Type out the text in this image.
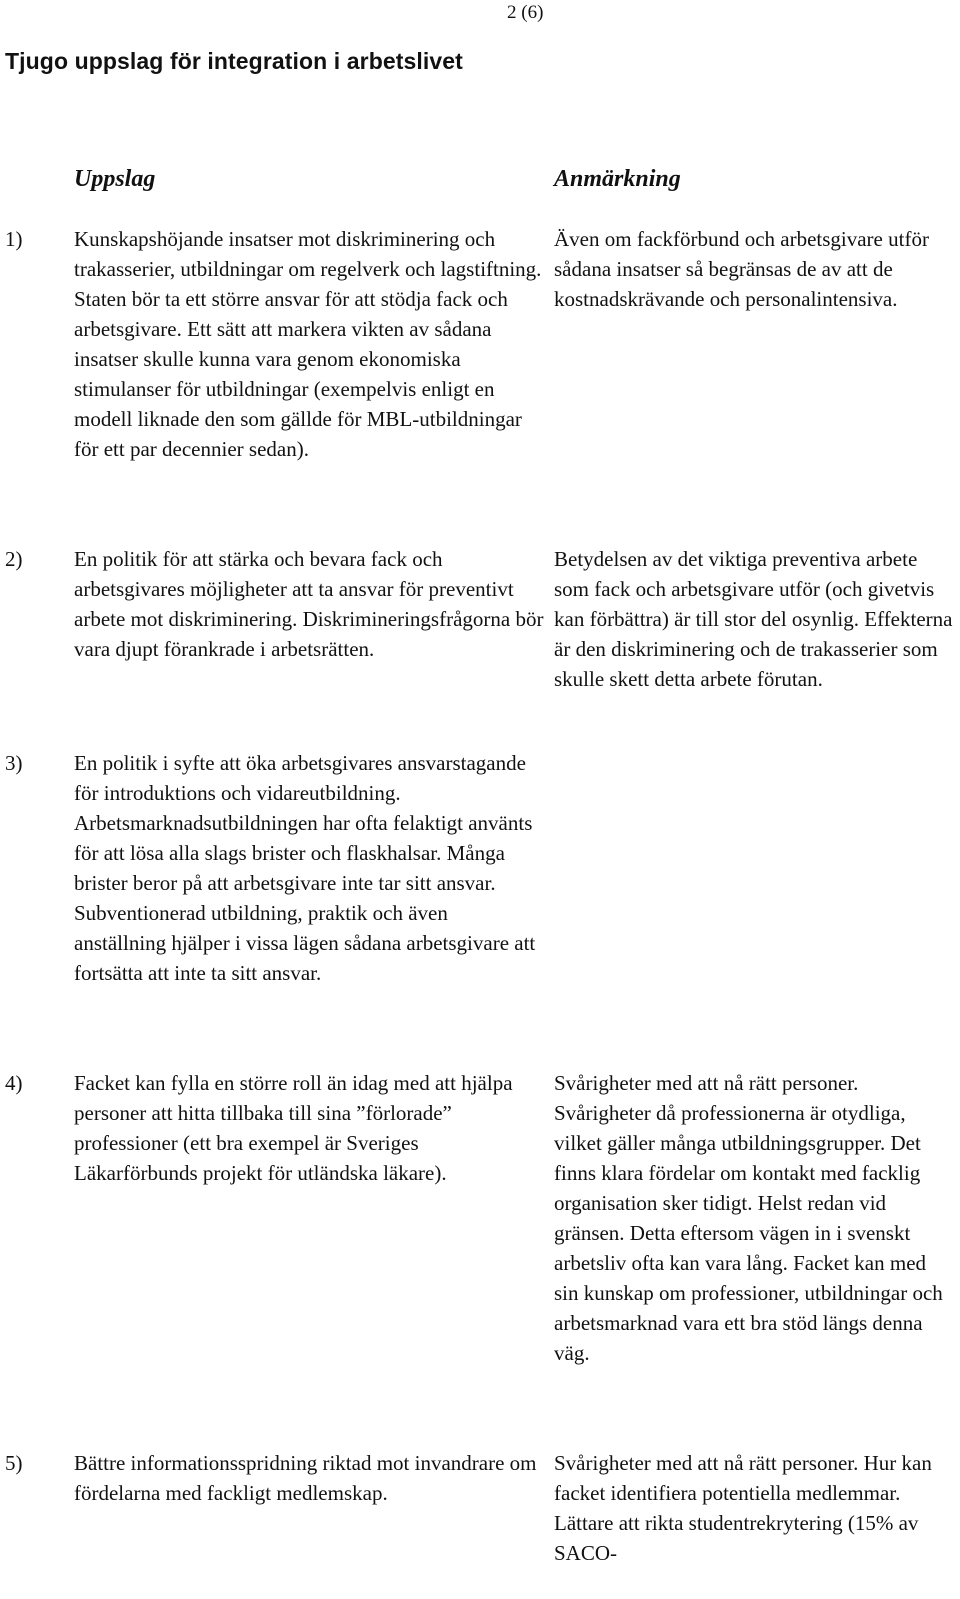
2 (6)
Tjugo uppslag för integration i arbetslivet
Uppslag	Anmärkning
1) Kunskapshöjande insatser mot diskriminering och trakasserier, utbildningar om regelverk och lagstiftning. Staten bör ta ett större ansvar för att stödja fack och arbetsgivare. Ett sätt att markera vikten av sådana insatser skulle kunna vara genom ekonomiska stimulanser för utbildningar (exempelvis enligt en modell liknade den som gällde för MBL-utbildningar för ett par decennier sedan).
Även om fackförbund och arbetsgivare utför sådana insatser så begränsas de av att de kostnadskrävande och personalintensiva.
2) En politik för att stärka och bevara fack och arbetsgivares möjligheter att ta ansvar för preventivt arbete mot diskriminering. Diskrimineringsfrågorna bör vara djupt förankrade i arbetsrätten.
Betydelsen av det viktiga preventiva arbete som fack och arbetsgivare utför (och givetvis kan förbättra) är till stor del osynlig. Effekterna är den diskriminering och de trakasserier som skulle skett detta arbete förutan.
3) En politik i syfte att öka arbetsgivares ansvarstagande för introduktions och vidareutbildning. Arbetsmarknadsutbildningen har ofta felaktigt använts för att lösa alla slags brister och flaskhalsar. Många brister beror på att arbetsgivare inte tar sitt ansvar. Subventionerad utbildning, praktik och även anställning hjälper i vissa lägen sådana arbetsgivare att fortsätta att inte ta sitt ansvar.
4) Facket kan fylla en större roll än idag med att hjälpa personer att hitta tillbaka till sina ”förlorade” professioner (ett bra exempel är Sveriges Läkarförbunds projekt för utländska läkare).
Svårigheter med att nå rätt personer. Svårigheter då professionerna är otydliga, vilket gäller många utbildningsgrupper. Det finns klara fördelar om kontakt med facklig organisation sker tidigt. Helst redan vid gränsen. Detta eftersom vägen in i svenskt arbetsliv ofta kan vara lång. Facket kan med sin kunskap om professioner, utbildningar och arbetsmarknad vara ett bra stöd längs denna väg.
5) Bättre informationsspridning riktad mot invandrare om fördelarna med fackligt medlemskap.
Svårigheter med att nå rätt personer. Hur kan facket identifiera potentiella medlemmar. Lättare att rikta studentrekrytering (15% av SACO-
